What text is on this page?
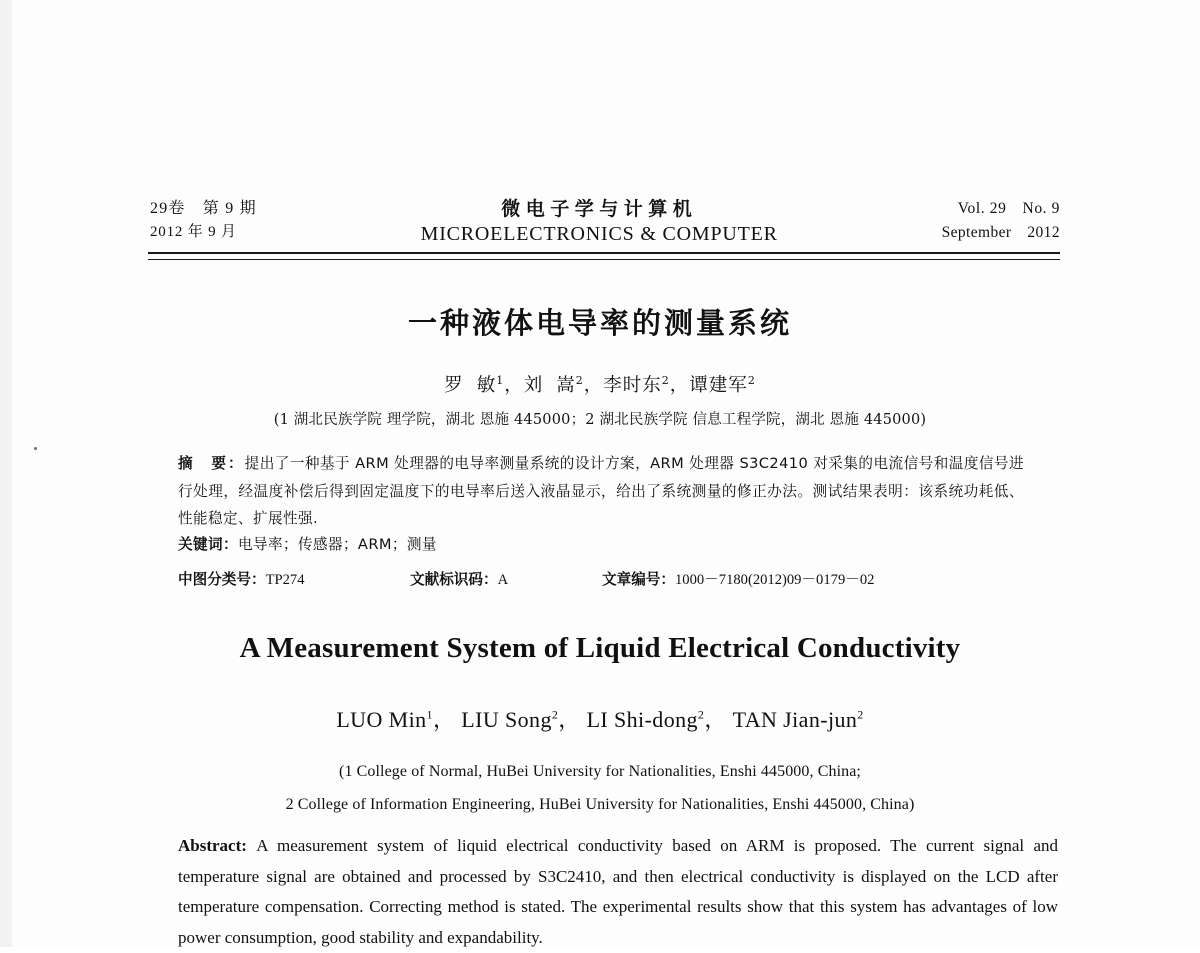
29卷　第 9 期
2012 年 9 月
微电子学与计算机
MICROELECTRONICS & COMPUTER
Vol. 29　No. 9
September　2012
一种液体电导率的测量系统
罗 敏$^1$，刘 嵩$^2$，李时东$^2$，谭建军$^2$
(1 湖北民族学院 理学院，湖北 恩施 445000；2 湖北民族学院 信息工程学院，湖北 恩施 445000)
摘　要：提出了一种基于 ARM 处理器的电导率测量系统的设计方案，ARM 处理器 S3C2410 对采集的电流信号和温度信号进行处理，经温度补偿后得到固定温度下的电导率后送入液晶显示，给出了系统测量的修正办法。测试结果表明：该系统功耗低、性能稳定、扩展性强.
关键词：电导率；传感器；ARM；测量
中图分类号：TP274	文献标识码：A	文章编号：1000－7180(2012)09－0179－02
A Measurement System of Liquid Electrical Conductivity
LUO Min$^1$， LIU Song$^2$， LI Shi-dong$^2$， TAN Jian-jun$^2$
(1 College of Normal, HuBei University for Nationalities, Enshi 445000, China;
2 College of Information Engineering, HuBei University for Nationalities, Enshi 445000, China)
Abstract: A measurement system of liquid electrical conductivity based on ARM is proposed. The current signal and temperature signal are obtained and processed by S3C2410, and then electrical conductivity is displayed on the LCD after temperature compensation. Correcting method is stated. The experimental results show that this system has advantages of low power consumption, good stability and expandability.
